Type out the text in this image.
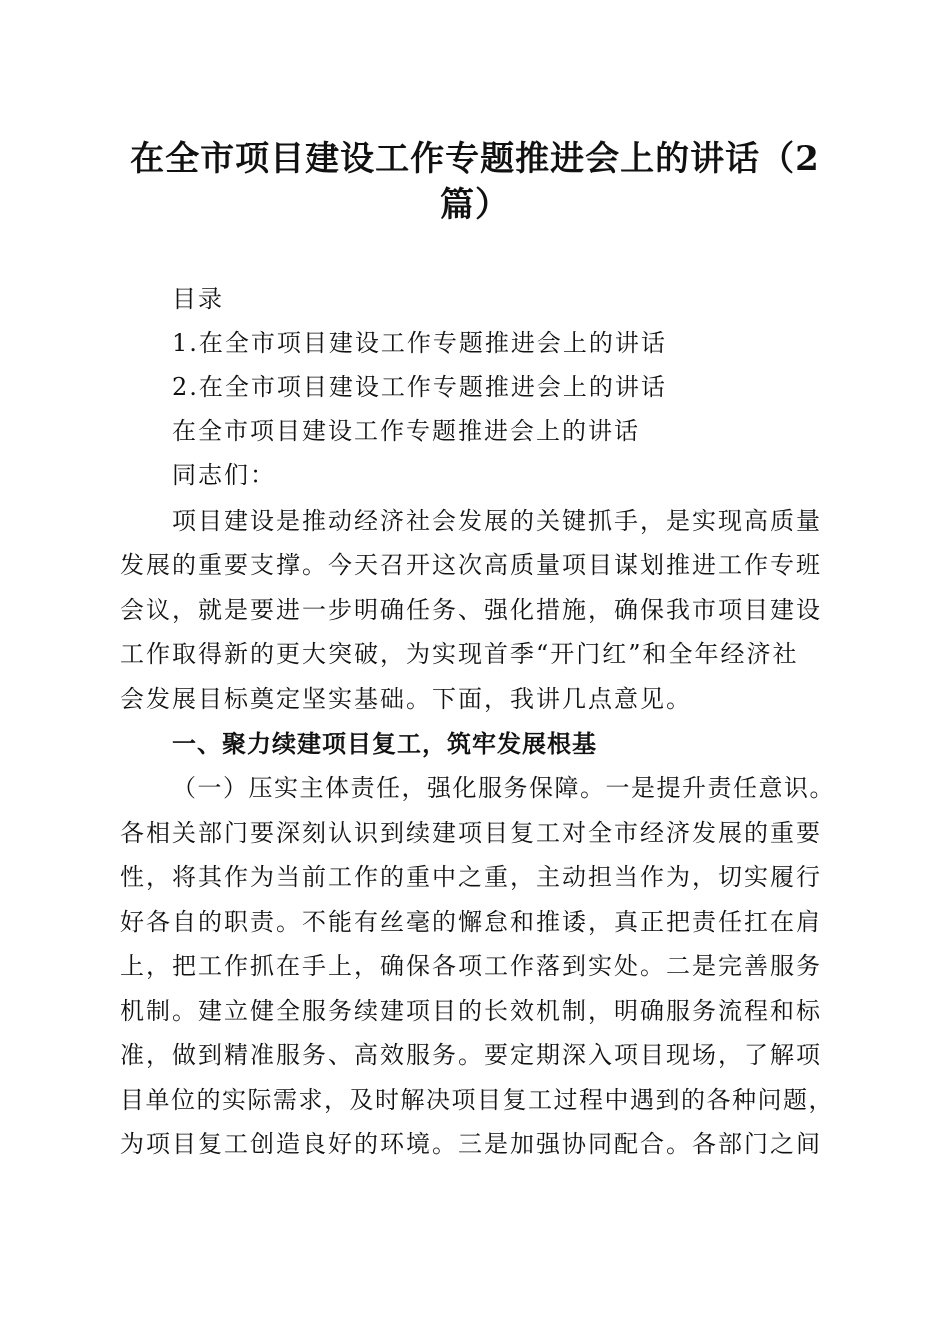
在全市项目建设工作专题推进会上的讲话（2
篇）
目录
1.在全市项目建设工作专题推进会上的讲话
2.在全市项目建设工作专题推进会上的讲话
在全市项目建设工作专题推进会上的讲话
同志们：
项目建设是推动经济社会发展的关键抓手，是实现高质量
发展的重要支撑。今天召开这次高质量项目谋划推进工作专班
会议，就是要进一步明确任务、强化措施，确保我市项目建设
工作取得新的更大突破，为实现首季“开门红”和全年经济社
会发展目标奠定坚实基础。下面，我讲几点意见。
一、聚力续建项目复工，筑牢发展根基
（一）压实主体责任，强化服务保障。一是提升责任意识。
各相关部门要深刻认识到续建项目复工对全市经济发展的重要
性，将其作为当前工作的重中之重，主动担当作为，切实履行
好各自的职责。不能有丝毫的懈怠和推诿，真正把责任扛在肩
上，把工作抓在手上，确保各项工作落到实处。二是完善服务
机制。建立健全服务续建项目的长效机制，明确服务流程和标
准，做到精准服务、高效服务。要定期深入项目现场，了解项
目单位的实际需求，及时解决项目复工过程中遇到的各种问题，
为项目复工创造良好的环境。三是加强协同配合。各部门之间
